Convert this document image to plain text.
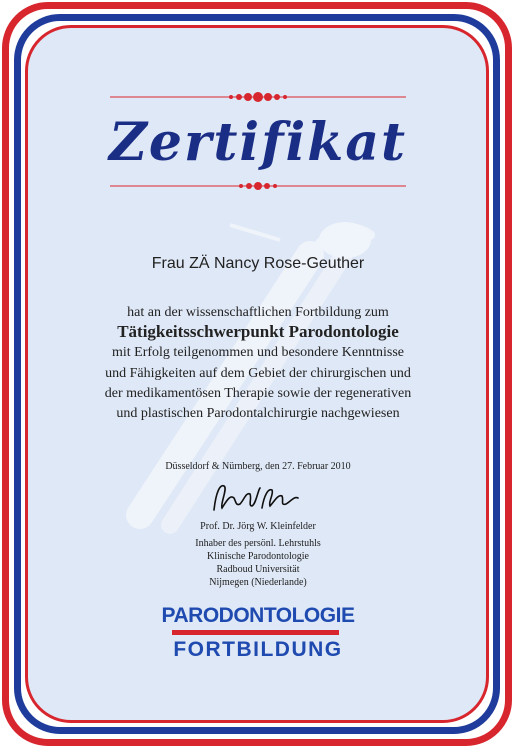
Zertifikat
Frau ZÄ Nancy Rose-Geuther
hat an der wissenschaftlichen Fortbildung zum
Tätigkeitsschwerpunkt Parodontologie
mit Erfolg teilgenommen und besondere Kenntnisse
und Fähigkeiten auf dem Gebiet der chirurgischen und
der medikamentösen Therapie sowie der regenerativen
und plastischen Parodontalchirurgie nachgewiesen
Düsseldorf & Nürnberg, den 27. Februar 2010
Prof. Dr. Jörg W. Kleinfelder
Inhaber des persönl. Lehrstuhls
Klinische Parodontologie
Radboud Universität
Nijmegen (Niederlande)
PARODONTOLOGIE
FORTBILDUNG
